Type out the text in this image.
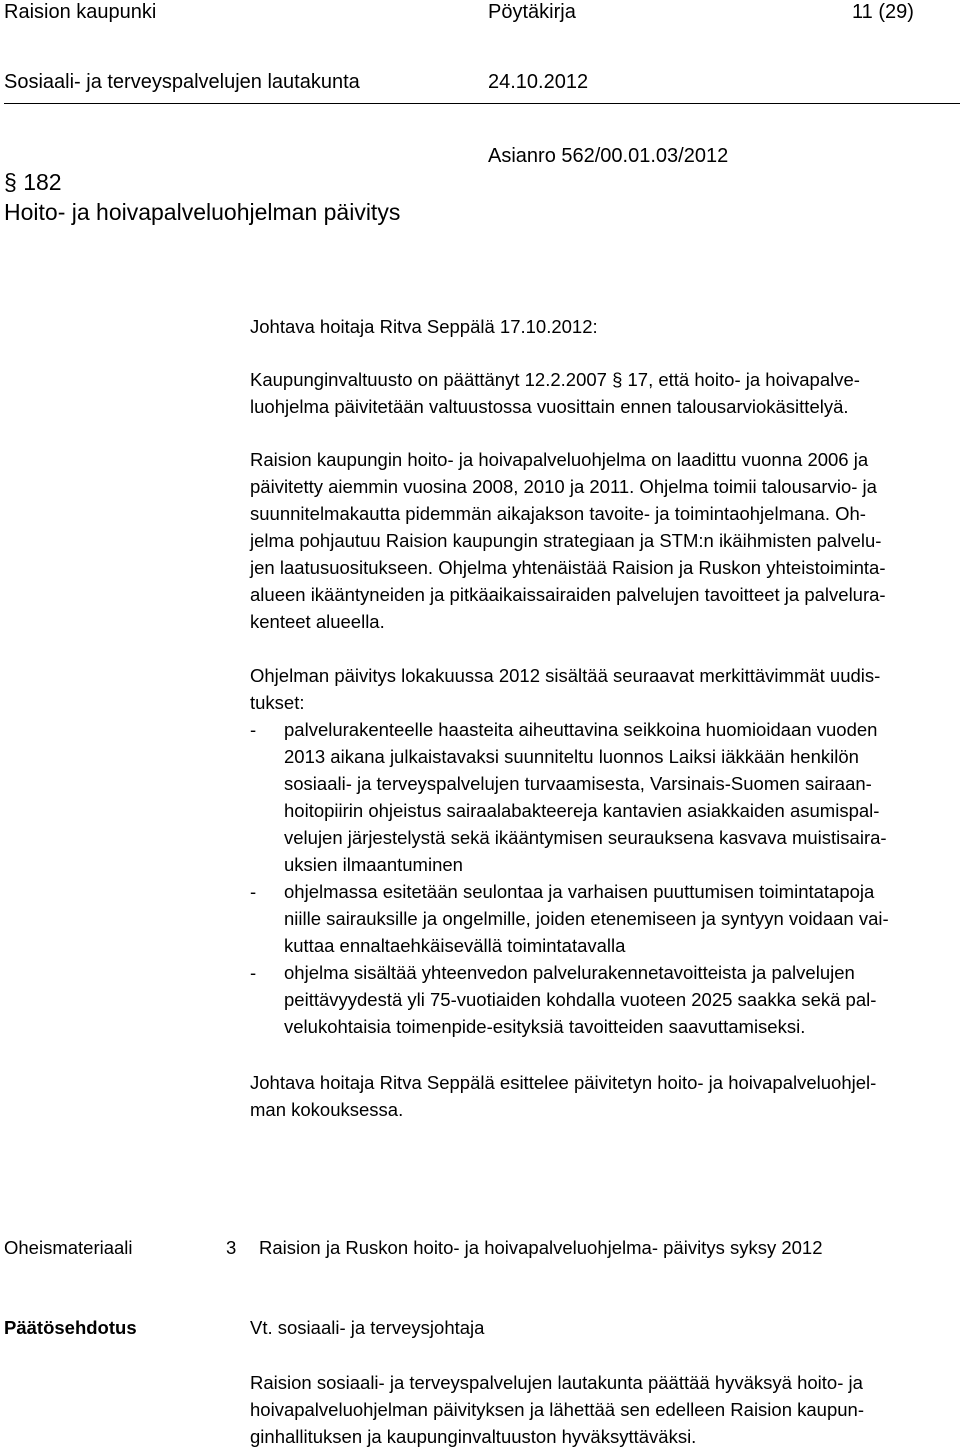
Raision kaupunki	Pöytäkirja	11 (29)
Sosiaali- ja terveyspalvelujen lautakunta	24.10.2012
§ 182
Hoito- ja hoivapalveluohjelman päivitys
Asianro 562/00.01.03/2012
Johtava hoitaja Ritva Seppälä 17.10.2012:
Kaupunginvaltuusto on päättänyt 12.2.2007 § 17, että hoito- ja hoivapalve-
luohjelma päivitetään valtuustossa vuosittain ennen talousarviokäsittelyä.
Raision kaupungin hoito- ja hoivapalveluohjelma on laadittu vuonna 2006 ja
päivitetty aiemmin vuosina 2008, 2010 ja 2011. Ohjelma toimii talousarvio- ja
suunnitelmakautta pidemmän aikajakson tavoite- ja toimintaohjelmana. Oh-
jelma pohjautuu Raision kaupungin strategiaan ja STM:n ikäihmisten palvelu-
jen laatusuositukseen. Ohjelma yhtenäistää Raision ja Ruskon yhteistoiminta-
alueen ikääntyneiden ja pitkäaikaissairaiden palvelujen tavoitteet ja palvelura-
kenteet alueella.
Ohjelman päivitys lokakuussa 2012 sisältää seuraavat merkittävimmät uudis-
tukset:
-	palvelurakenteelle haasteita aiheuttavina seikkoina huomioidaan vuoden
2013 aikana julkaistavaksi suunniteltu luonnos Laiksi iäkkään henkilön
sosiaali- ja terveyspalvelujen turvaamisesta, Varsinais-Suomen sairaan-
hoitopiirin ohjeistus sairaalabakteereja kantavien asiakkaiden asumispal-
velujen järjestelystä sekä ikääntymisen seurauksena kasvava muistisaira-
uksien ilmaantuminen
-	ohjelmassa esitetään seulontaa ja varhaisen puuttumisen toimintatapoja
niille sairauksille ja ongelmille, joiden etenemiseen ja syntyyn voidaan vai-
kuttaa ennaltaehkäisevällä toimintatavalla
-	ohjelma sisältää yhteenvedon palvelurakennetavoitteista ja palvelujen
peittävyydestä yli 75-vuotiaiden kohdalla vuoteen 2025 saakka sekä pal-
velukohtaisia toimenpide-esityksiä tavoitteiden saavuttamiseksi.
Johtava hoitaja Ritva Seppälä esittelee päivitetyn hoito- ja hoivapalveluohjel-
man kokouksessa.
Oheismateriaali	3 Raision ja Ruskon hoito- ja hoivapalveluohjelma- päivitys syksy 2012
Päätösehdotus	Vt. sosiaali- ja terveysjohtaja
Raision sosiaali- ja terveyspalvelujen lautakunta päättää hyväksyä hoito- ja
hoivapalveluohjelman päivityksen ja lähettää sen edelleen Raision kaupun-
ginhallituksen ja kaupunginvaltuuston hyväksyttäväksi.
